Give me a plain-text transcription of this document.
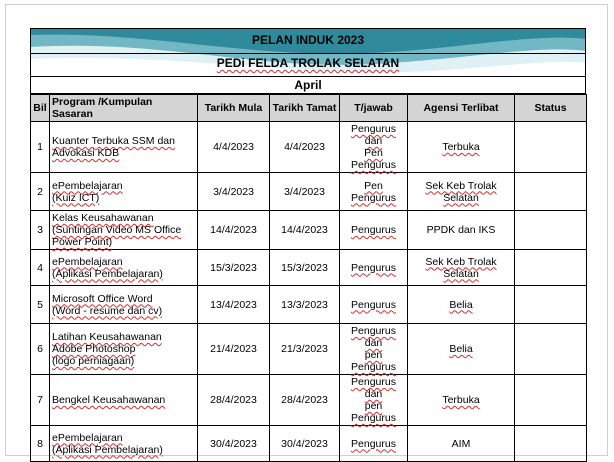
PELAN INDUK 2023
PEDi FELDA TROLAK SELATAN
April
Bil	Program /Kumpulan Sasaran	Tarikh Mula	Tarikh Tamat	T/jawab	Agensi Terlibat	Status
1	Kuanter Terbuka SSM dan
Advokasi KDB	4/4/2023	4/4/2023	Pengurus dan
Pen Pengurus	Terbuka	

2	ePembelajaran
(Kuiz ICT)	3/4/2023	3/4/2023	Pen Pengurus	Sek Keb Trolak
Selatan	

3	Kelas Keusahawanan
(Suntingan Video MS Office
Power Point)	14/4/2023	14/4/2023	Pengurus	PPDK dan IKS	

4	ePembelajaran
(Aplikasi Pembelajaran)	15/3/2023	15/3/2023	Pengurus	Sek Keb Trolak
Selatan	

5	Microsoft Office Word
(Word - resume dan cv)	13/4/2023	13/3/2023	Pengurus	Belia	

6	Latihan Keusahawanan
Adobe Photoshop
(logo perniagaan)	21/4/2023	21/3/2023	Pengurus dan
pen Pengurus	Belia	

7	Bengkel Keusahawanan	28/4/2023	28/4/2023	Pengurus dan
pen Pengurus	Terbuka	

8	ePembelajaran
(Aplikasi Pembelajaran)	30/4/2023	30/4/2023	Pengurus	AIM	
